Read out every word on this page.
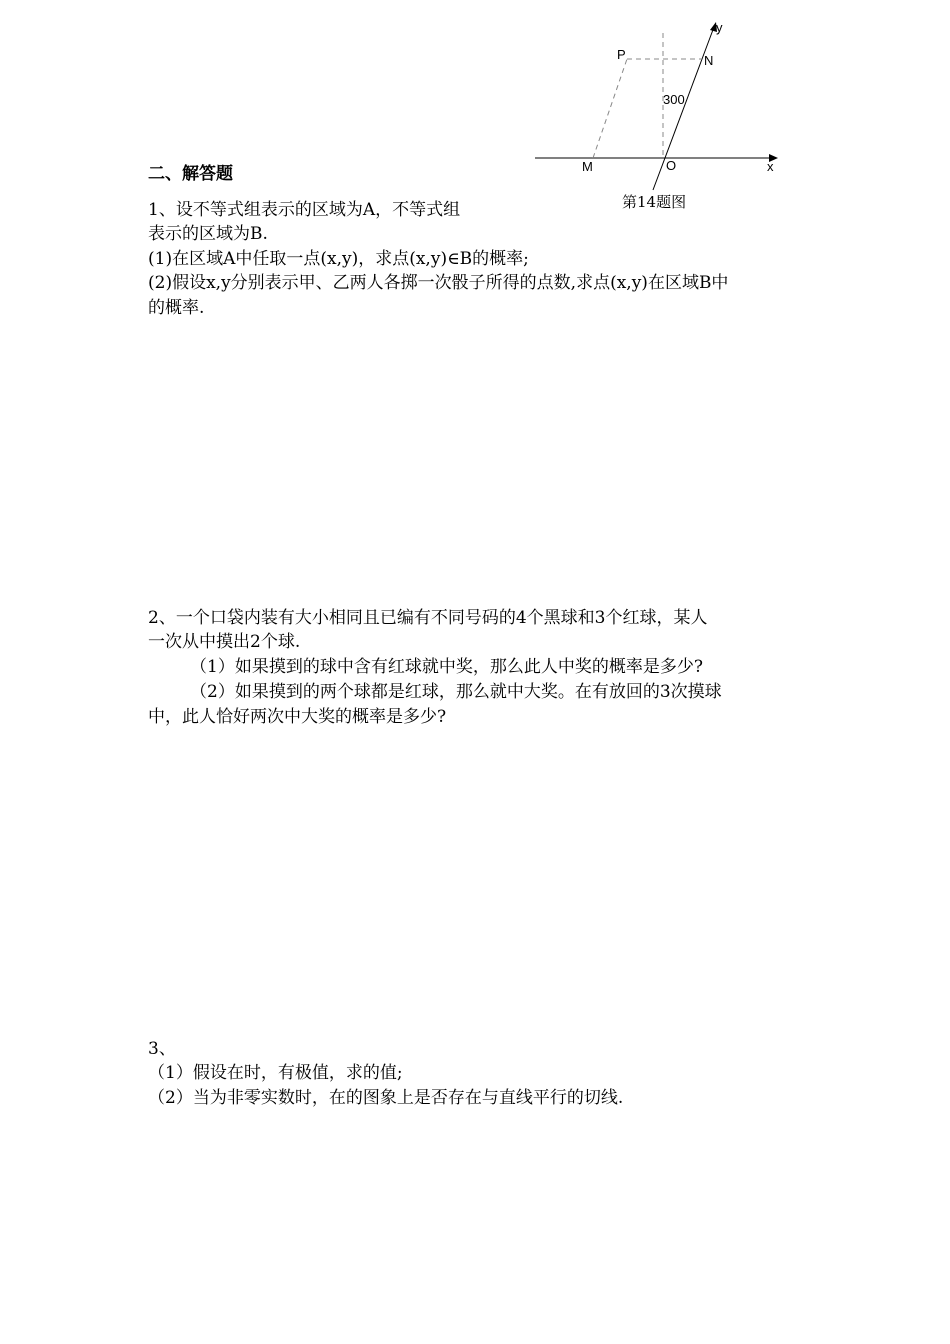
y
x
P	N
M	O
300
第14题图
二、解答题
1、设不等式组表示的区域为A，不等式组
表示的区域为B.
(1)在区域A中任取一点(x,y)，求点(x,y)∈B的概率;
(2)假设x,y分别表示甲、乙两人各掷一次骰子所得的点数,求点(x,y)在区域B中
的概率.
2、一个口袋内装有大小相同且已编有不同号码的4个黑球和3个红球，某人
一次从中摸出2个球.
（1）如果摸到的球中含有红球就中奖，那么此人中奖的概率是多少?
（2）如果摸到的两个球都是红球，那么就中大奖。在有放回的3次摸球
中，此人恰好两次中大奖的概率是多少?
3、
（1）假设在时，有极值，求的值;
（2）当为非零实数时，在的图象上是否存在与直线平行的切线.
